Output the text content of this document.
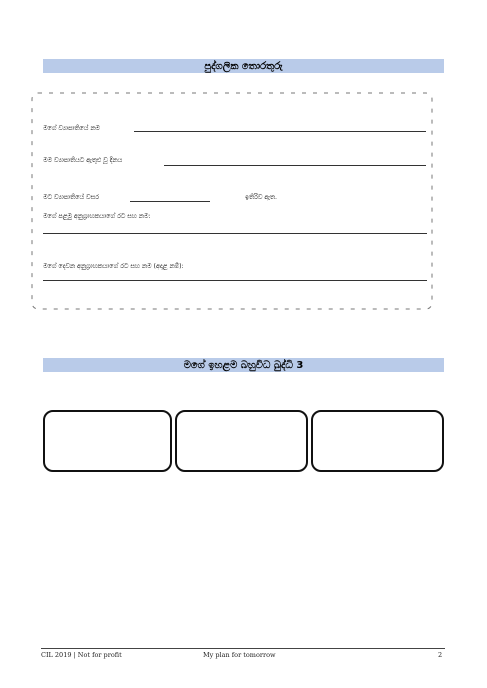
පුද්ගලික තොරතුරු
මගේ ව්‍යාපාතියේ නම
මම ව්‍යාපාතියට ඇතුළු වූ දිනය
මට ව්‍යාපාතියේ වසර	ඉතිරිව ඇත.
මගේ පළමු අනුග්‍රාහකයාගේ රට සහ නම:
මගේ දෙවන අනුග්‍රාහකයාගේ රට සහ නම (අදාළ නම්):
මගේ ඉහළම බහුවිධ බුද්ධි 3
CIL 2019 | Not for profit	My plan for tomorrow	2
